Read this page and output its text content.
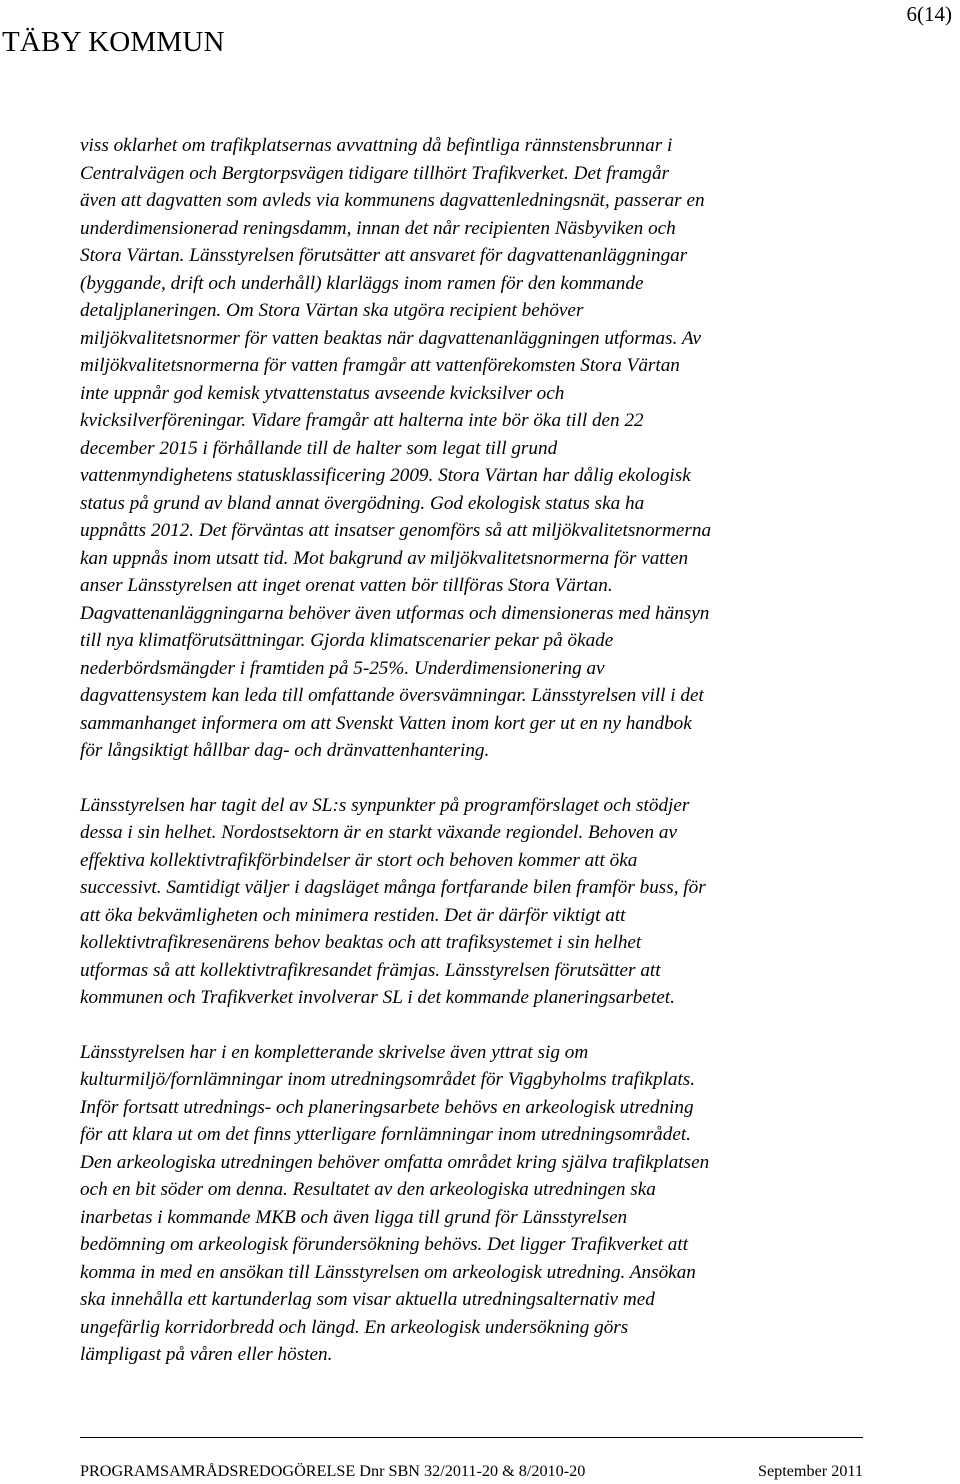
TÄBY KOMMUN
6(14)
viss oklarhet om trafikplatsernas avvattning då befintliga rännstensbrunnar i
Centralvägen och Bergtorpsvägen tidigare tillhört Trafikverket. Det framgår
även att dagvatten som avleds via kommunens dagvattenledningsnät, passerar en
underdimensionerad reningsdamm, innan det når recipienten Näsbyviken och
Stora Värtan. Länsstyrelsen förutsätter att ansvaret för dagvattenanläggningar
(byggande, drift och underhåll) klarläggs inom ramen för den kommande
detaljplaneringen. Om Stora Värtan ska utgöra recipient behöver
miljökvalitetsnormer för vatten beaktas när dagvattenanläggningen utformas. Av
miljökvalitetsnormerna för vatten framgår att vattenförekomsten Stora Värtan
inte uppnår god kemisk ytvattenstatus avseende kvicksilver och
kvicksilverföreningar. Vidare framgår att halterna inte bör öka till den 22
december 2015 i förhållande till de halter som legat till grund
vattenmyndighetens statusklassificering 2009. Stora Värtan har dålig ekologisk
status på grund av bland annat övergödning. God ekologisk status ska ha
uppnåtts 2012. Det förväntas att insatser genomförs så att miljökvalitetsnormerna
kan uppnås inom utsatt tid. Mot bakgrund av miljökvalitetsnormerna för vatten
anser Länsstyrelsen att inget orenat vatten bör tillföras Stora Värtan.
Dagvattenanläggningarna behöver även utformas och dimensioneras med hänsyn
till nya klimatförutsättningar. Gjorda klimatscenarier pekar på ökade
nederbördsmängder i framtiden på 5-25%. Underdimensionering av
dagvattensystem kan leda till omfattande översvämningar. Länsstyrelsen vill i det
sammanhanget informera om att Svenskt Vatten inom kort ger ut en ny handbok
för långsiktigt hållbar dag- och dränvattenhantering.
Länsstyrelsen har tagit del av SL:s synpunkter på programförslaget och stödjer
dessa i sin helhet. Nordostsektorn är en starkt växande regiondel. Behoven av
effektiva kollektivtrafikförbindelser är stort och behoven kommer att öka
successivt. Samtidigt väljer i dagsläget många fortfarande bilen framför buss, för
att öka bekvämligheten och minimera restiden. Det är därför viktigt att
kollektivtrafikresenärens behov beaktas och att trafiksystemet i sin helhet
utformas så att kollektivtrafikresandet främjas. Länsstyrelsen förutsätter att
kommunen och Trafikverket involverar SL i det kommande planeringsarbetet.
Länsstyrelsen har i en kompletterande skrivelse även yttrat sig om
kulturmiljö/fornlämningar inom utredningsområdet för Viggbyholms trafikplats.
Inför fortsatt utrednings- och planeringsarbete behövs en arkeologisk utredning
för att klara ut om det finns ytterligare fornlämningar inom utredningsområdet.
Den arkeologiska utredningen behöver omfatta området kring själva trafikplatsen
och en bit söder om denna. Resultatet av den arkeologiska utredningen ska
inarbetas i kommande MKB och även ligga till grund för Länsstyrelsen
bedömning om arkeologisk förundersökning behövs. Det ligger Trafikverket att
komma in med en ansökan till Länsstyrelsen om arkeologisk utredning. Ansökan
ska innehålla ett kartunderlag som visar aktuella utredningsalternativ med
ungefärlig korridorbredd och längd. En arkeologisk undersökning görs
lämpligast på våren eller hösten.
PROGRAMSAMRÅDSREDOGÖRELSE Dnr SBN 32/2011-20 & 8/2010-20	September 2011
